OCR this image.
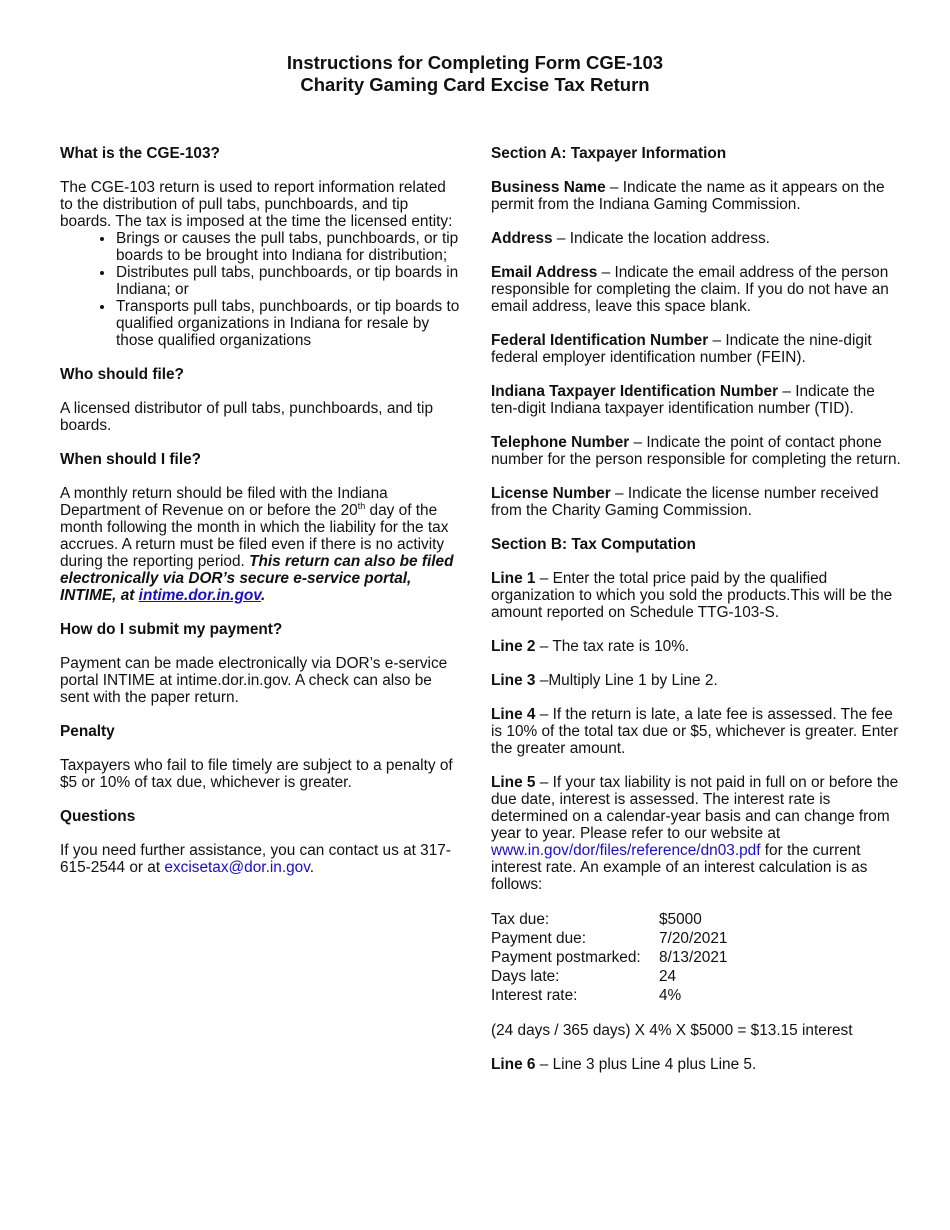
Instructions for Completing Form CGE-103
Charity Gaming Card Excise Tax Return
What is the CGE-103?

The CGE-103 return is used to report information related to the distribution of pull tabs, punchboards, and tip boards. The tax is imposed at the time the licensed entity:

• Brings or causes the pull tabs, punchboards, or tip boards to be brought into Indiana for distribution;
• Distributes pull tabs, punchboards, or tip boards in Indiana; or
• Transports pull tabs, punchboards, or tip boards to qualified organizations in Indiana for resale by those qualified organizations
Who should file?

A licensed distributor of pull tabs, punchboards, and tip boards.

When should I file?

A monthly return should be filed with the Indiana Department of Revenue on or before the 20th day of the month following the month in which the liability for the tax accrues. A return must be filed even if there is no activity during the reporting period. This return can also be filed electronically via DOR’s secure e-service portal, INTIME, at intime.dor.in.gov.

How do I submit my payment?

Payment can be made electronically via DOR’s e-service portal INTIME at intime.dor.in.gov. A check can also be sent with the paper return.

Penalty

Taxpayers who fail to file timely are subject to a penalty of $5 or 10% of tax due, whichever is greater.

Questions

If you need further assistance, you can contact us at 317-615-2544 or at excisetax@dor.in.gov.

Section A: Taxpayer Information

Business Name – Indicate the name as it appears on the permit from the Indiana Gaming Commission.

Address – Indicate the location address.

Email Address – Indicate the email address of the person responsible for completing the claim. If you do not have an email address, leave this space blank.

Federal Identification Number – Indicate the nine-digit federal employer identification number (FEIN).

Indiana Taxpayer Identification Number – Indicate the ten-digit Indiana taxpayer identification number (TID).

Telephone Number – Indicate the point of contact phone number for the person responsible for completing the return.

License Number – Indicate the license number received from the Charity Gaming Commission.

Section B: Tax Computation

Line 1 – Enter the total price paid by the qualified organization to which you sold the products.This will be the amount reported on Schedule TTG-103-S.

Line 2 – The tax rate is 10%.

Line 3 –Multiply Line 1 by Line 2.

Line 4 – If the return is late, a late fee is assessed. The fee is 10% of the total tax due or $5, whichever is greater. Enter the greater amount.

Line 5 – If your tax liability is not paid in full on or before the due date, interest is assessed. The interest rate is determined on a calendar-year basis and can change from year to year. Please refer to our website at www.in.gov/dor/files/reference/dn03.pdf for the current interest rate. An example of an interest calculation is as follows:

Tax due:	$5000
Payment due:	7/20/2021
Payment postmarked:	8/13/2021
Days late:	24
Interest rate:	4%

(24 days / 365 days) X 4% X $5000 = $13.15 interest

Line 6 – Line 3 plus Line 4 plus Line 5.
